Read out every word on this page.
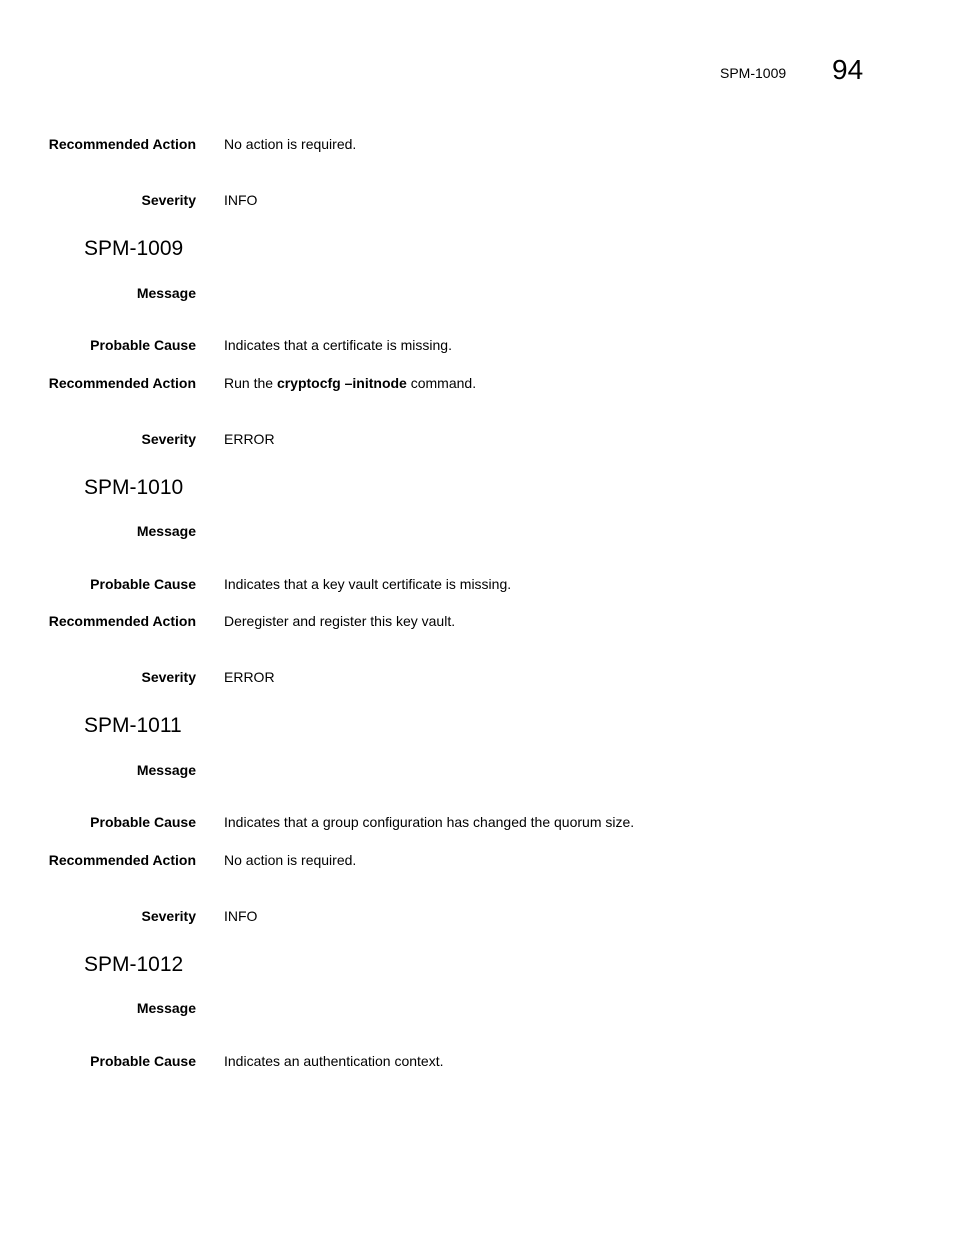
SPM-1009 94
Recommended Action No action is required.
Severity INFO
SPM-1009
Message
Probable Cause Indicates that a certificate is missing.
Recommended Action Run the cryptocfg –initnode command.
Severity ERROR
SPM-1010
Message
Probable Cause Indicates that a key vault certificate is missing.
Recommended Action Deregister and register this key vault.
Severity ERROR
SPM-1011
Message
Probable Cause Indicates that a group configuration has changed the quorum size.
Recommended Action No action is required.
Severity INFO
SPM-1012
Message
Probable Cause Indicates an authentication context.
